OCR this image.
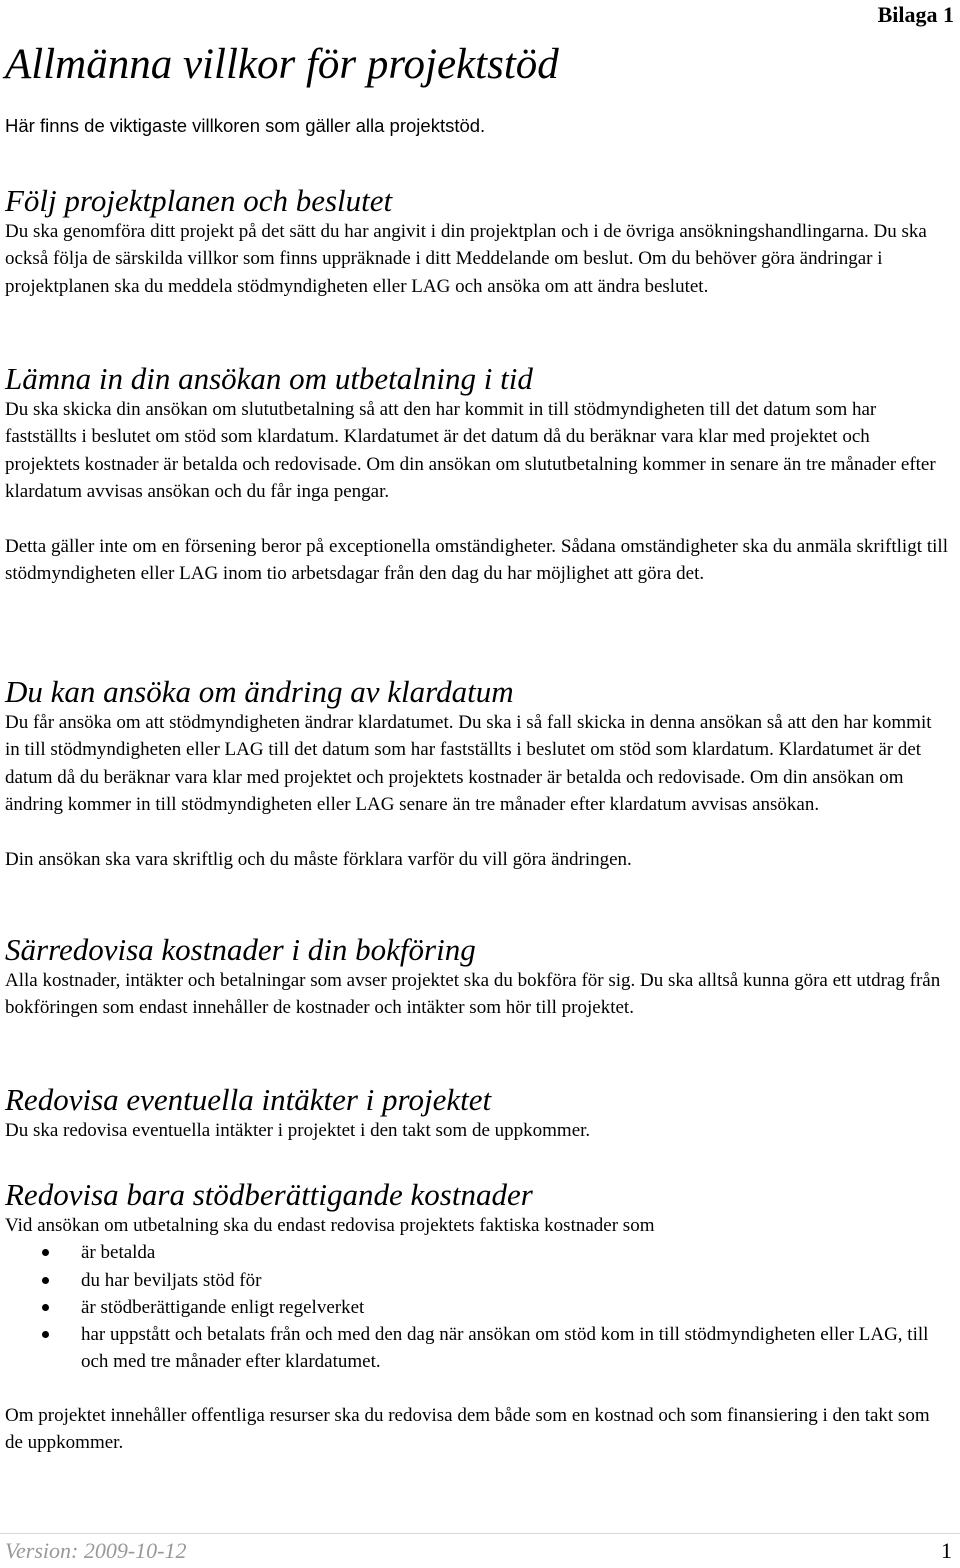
Bilaga 1
Allmänna villkor för projektstöd

Här finns de viktigaste villkoren som gäller alla projektstöd.

Följ projektplanen och beslutet

Du ska genomföra ditt projekt på det sätt du har angivit i din projektplan och i de övriga ansökningshandlingarna. Du ska också följa de särskilda villkor som finns uppräknade i ditt Meddelande om beslut. Om du behöver göra ändringar i projektplanen ska du meddela stödmyndigheten eller LAG och ansöka om att ändra beslutet.

Lämna in din ansökan om utbetalning i tid

Du ska skicka din ansökan om slututbetalning så att den har kommit in till stödmyndigheten till det datum som har fastställts i beslutet om stöd som klardatum. Klardatumet är det datum då du beräknar vara klar med projektet och projektets kostnader är betalda och redovisade. Om din ansökan om slututbetalning kommer in senare än tre månader efter klardatum avvisas ansökan och du får inga pengar.

Detta gäller inte om en försening beror på exceptionella omständigheter. Sådana omständigheter ska du anmäla skriftligt till stödmyndigheten eller LAG inom tio arbetsdagar från den dag du har möjlighet att göra det.

Du kan ansöka om ändring av klardatum

Du får ansöka om att stödmyndigheten ändrar klardatumet. Du ska i så fall skicka in denna ansökan så att den har kommit in till stödmyndigheten eller LAG till det datum som har fastställts i beslutet om stöd som klardatum. Klardatumet är det datum då du beräknar vara klar med projektet och projektets kostnader är betalda och redovisade. Om din ansökan om ändring kommer in till stödmyndigheten eller LAG senare än tre månader efter klardatum avvisas ansökan.

Din ansökan ska vara skriftlig och du måste förklara varför du vill göra ändringen.

Särredovisa kostnader i din bokföring

Alla kostnader, intäkter och betalningar som avser projektet ska du bokföra för sig. Du ska alltså kunna göra ett utdrag från bokföringen som endast innehåller de kostnader och intäkter som hör till projektet.

Redovisa eventuella intäkter i projektet

Du ska redovisa eventuella intäkter i projektet i den takt som de uppkommer.

Redovisa bara stödberättigande kostnader

Vid ansökan om utbetalning ska du endast redovisa projektets faktiska kostnader som

är betalda
du har beviljats stöd för
är stödberättigande enligt regelverket
har uppstått och betalats från och med den dag när ansökan om stöd kom in till stödmyndigheten eller LAG, till och med tre månader efter klardatumet.

Om projektet innehåller offentliga resurser ska du redovisa dem både som en kostnad och som finansiering i den takt som de uppkommer.

Version: 2009-10-12	1
